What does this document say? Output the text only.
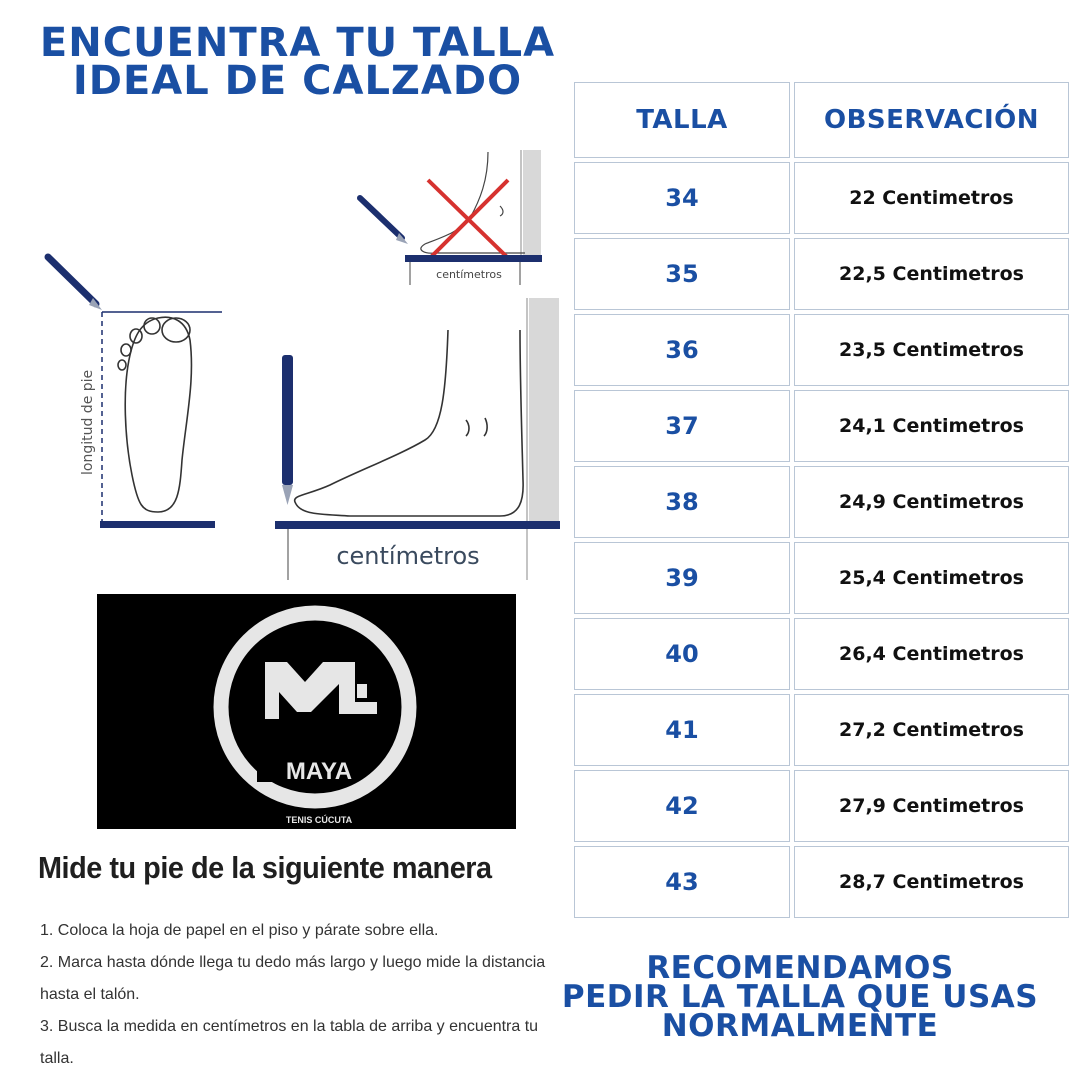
ENCUENTRA TU TALLA
IDEAL DE CALZADO
longitud de pie
centímetros
centímetros
MAYA
TENIS CÚCUTA
Mide tu pie de la siguiente manera

1. Coloca la hoja de papel en el piso y párate sobre ella.

2. Marca hasta dónde llega tu dedo más largo y luego mide la distancia

hasta el talón.

3. Busca la medida en centímetros en la tabla de arriba y encuentra tu

talla.

TALLA	OBSERVACIÓN
34	22 Centimetros
35	22,5 Centimetros
36	23,5 Centimetros
37	24,1 Centimetros
38	24,9 Centimetros
39	25,4 Centimetros
40	26,4 Centimetros
41	27,2 Centimetros
42	27,9 Centimetros
43	28,7 Centimetros
RECOMENDAMOS
PEDIR LA TALLA QUE USAS
NORMALMENTE
